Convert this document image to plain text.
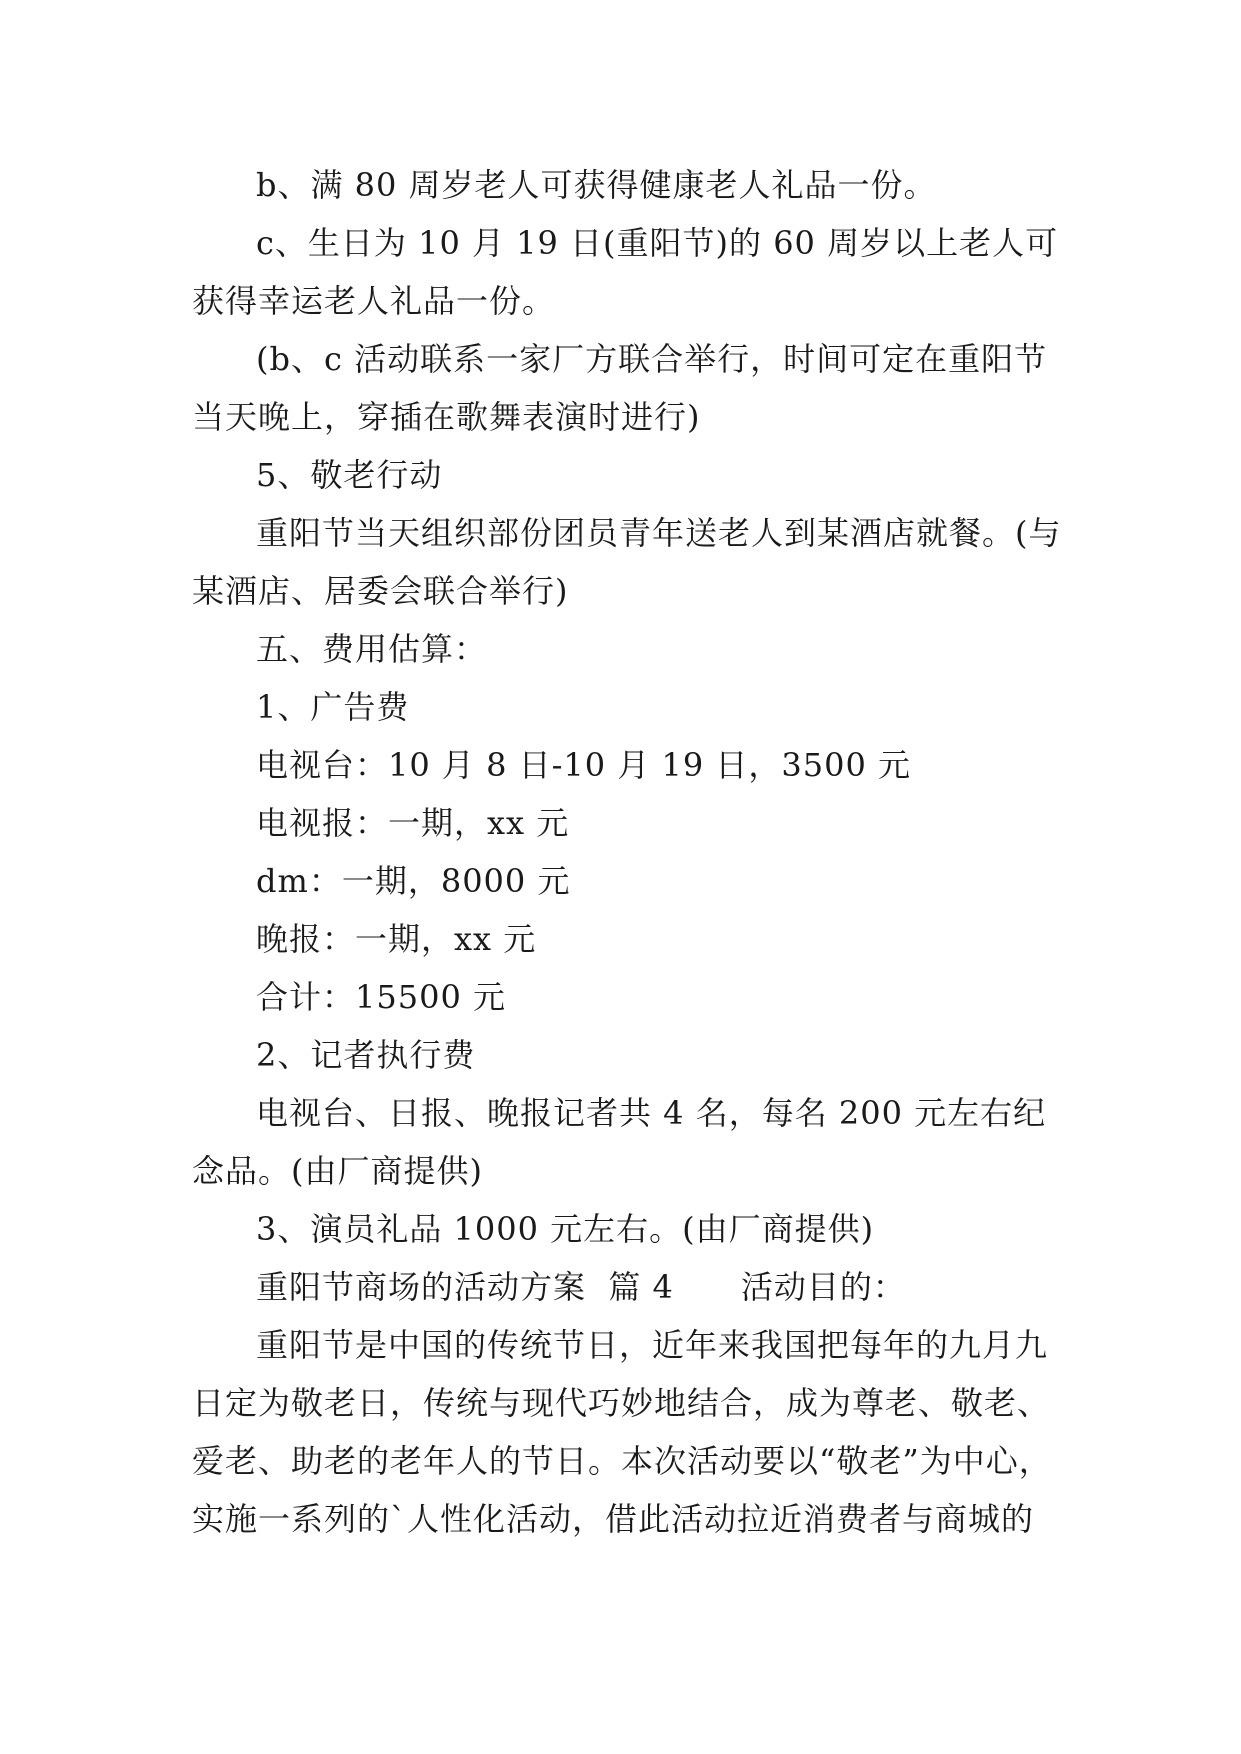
b、满 80 周岁老人可获得健康老人礼品一份。

c、生日为 10 月 19 日(重阳节)的 60 周岁以上老人可获得幸运老人礼品一份。

(b、c 活动联系一家厂方联合举行，时间可定在重阳节当天晚上，穿插在歌舞表演时进行)

5、敬老行动

重阳节当天组织部份团员青年送老人到某酒店就餐。(与某酒店、居委会联合举行)

五、费用估算：

1、广告费

电视台：10 月 8 日-10 月 19 日，3500 元

电视报：一期，xx 元

dm：一期，8000 元

晚报：一期，xx 元

合计：15500 元

2、记者执行费

电视台、日报、晚报记者共 4 名，每名 200 元左右纪念品。(由厂商提供)

3、演员礼品 1000 元左右。(由厂商提供)

重阳节商场的活动方案  篇 4      活动目的：

重阳节是中国的传统节日，近年来我国把每年的九月九日定为敬老日，传统与现代巧妙地结合，成为尊老、敬老、爱老、助老的老年人的节日。本次活动要以“敬老”为中心，实施一系列的`人性化活动，借此活动拉近消费者与商城的
